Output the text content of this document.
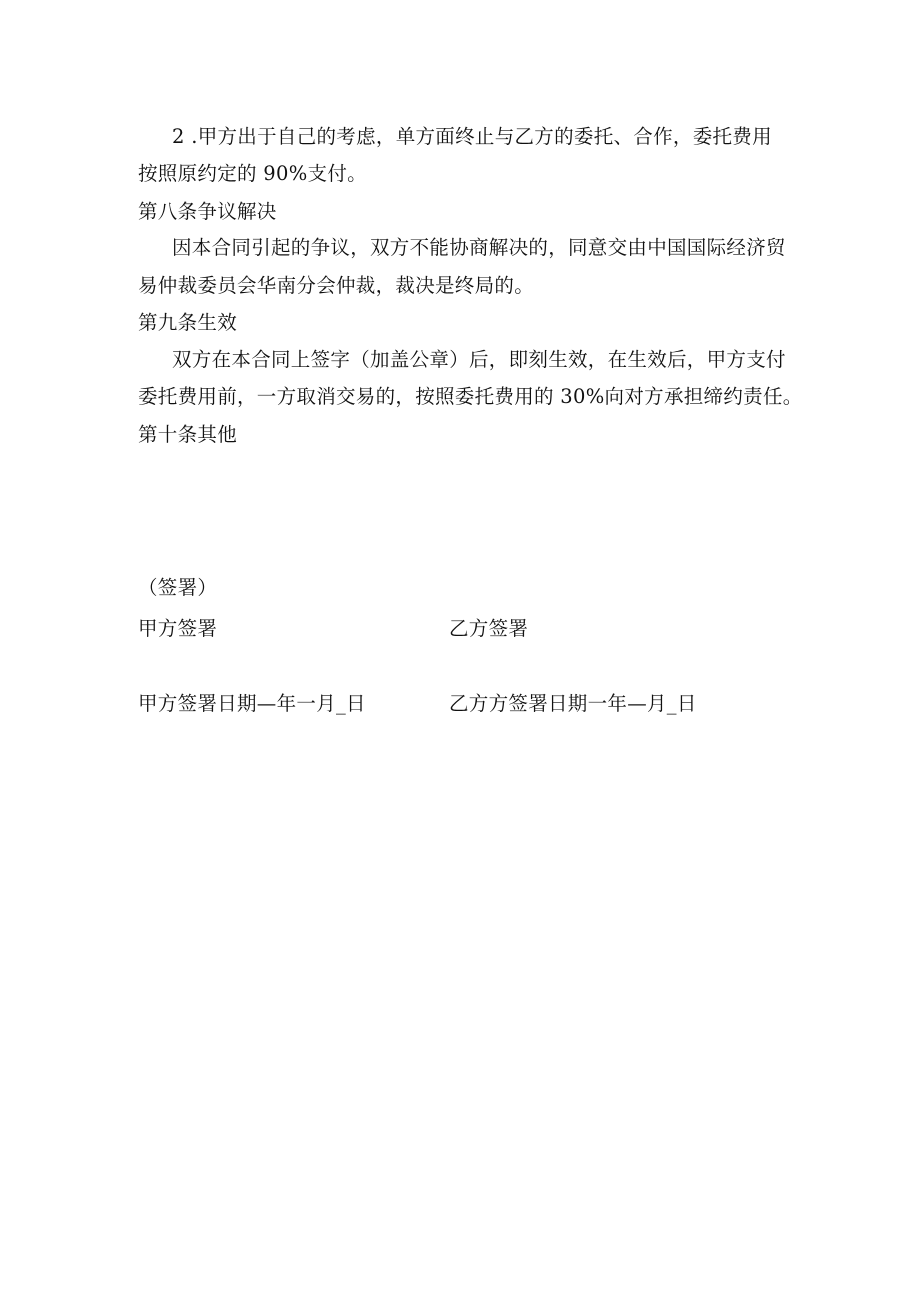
2 .甲方出于自己的考虑，单方面终止与乙方的委托、合作，委托费用
按照原约定的 90%支付。
第八条争议解决
因本合同引起的争议，双方不能协商解决的，同意交由中国国际经济贸
易仲裁委员会华南分会仲裁，裁决是终局的。
第九条生效
双方在本合同上签字（加盖公章）后，即刻生效，在生效后，甲方支付
委托费用前，一方取消交易的，按照委托费用的 30%向对方承担缔约责任。
第十条其他
（签署）
甲方签署	乙方签署
甲方签署日期—年一月_日	乙方方签署日期一年—月_日
